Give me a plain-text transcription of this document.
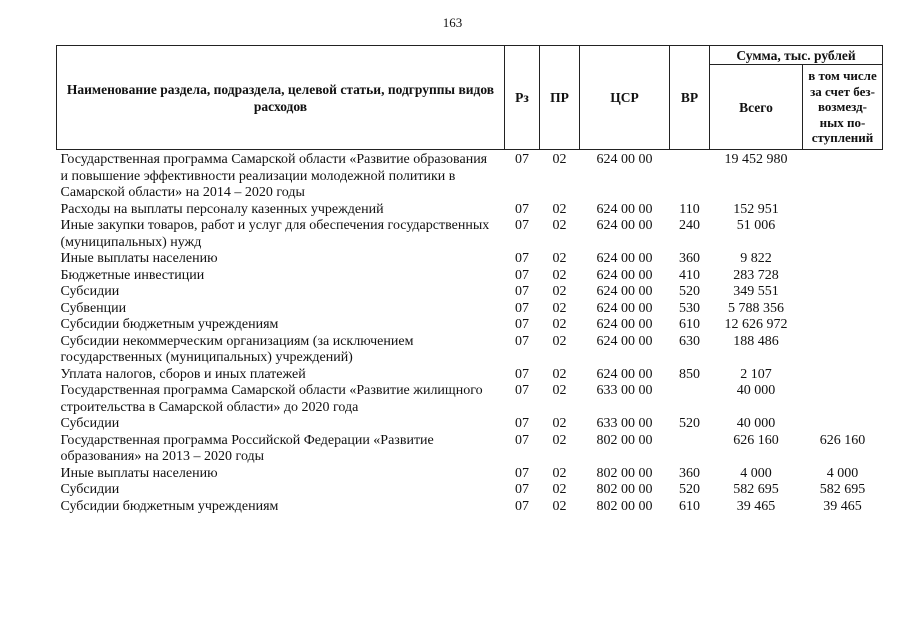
163
Наименование раздела, подраздела, целевой статьи, подгруппы видов расходов	Рз	ПР	ЦСР	ВР	Сумма, тыс. рублей	
					Всего	в том числе
за счет без-
возмезд-
ных по-
ступлений
Государственная программа Самарской области «Развитие образования и повышение эффективности реализации молодежной политики в Самарской области» на 2014 – 2020 годы	07	02	624 00 00		19 452 980	
Расходы на выплаты персоналу казенных учреждений	07	02	624 00 00	110	152 951	
Иные закупки товаров, работ и услуг для обеспечения государственных (муниципальных) нужд	07	02	624 00 00	240	51 006	
Иные выплаты населению	07	02	624 00 00	360	9 822	
Бюджетные инвестиции	07	02	624 00 00	410	283 728	
Субсидии	07	02	624 00 00	520	349 551	
Субвенции	07	02	624 00 00	530	5 788 356	
Субсидии бюджетным учреждениям	07	02	624 00 00	610	12 626 972	
Субсидии некоммерческим организациям (за исключением государственных (муниципальных) учреждений)	07	02	624 00 00	630	188 486	
Уплата налогов, сборов и иных платежей	07	02	624 00 00	850	2 107	
Государственная программа Самарской области «Развитие жилищного строительства в Самарской области» до 2020 года	07	02	633 00 00		40 000	
Субсидии	07	02	633 00 00	520	40 000	
Государственная программа Российской Федерации «Развитие образования» на 2013 – 2020 годы	07	02	802 00 00		626 160	626 160
Иные выплаты населению	07	02	802 00 00	360	4 000	4 000
Субсидии	07	02	802 00 00	520	582 695	582 695
Субсидии бюджетным учреждениям	07	02	802 00 00	610	39 465	39 465
